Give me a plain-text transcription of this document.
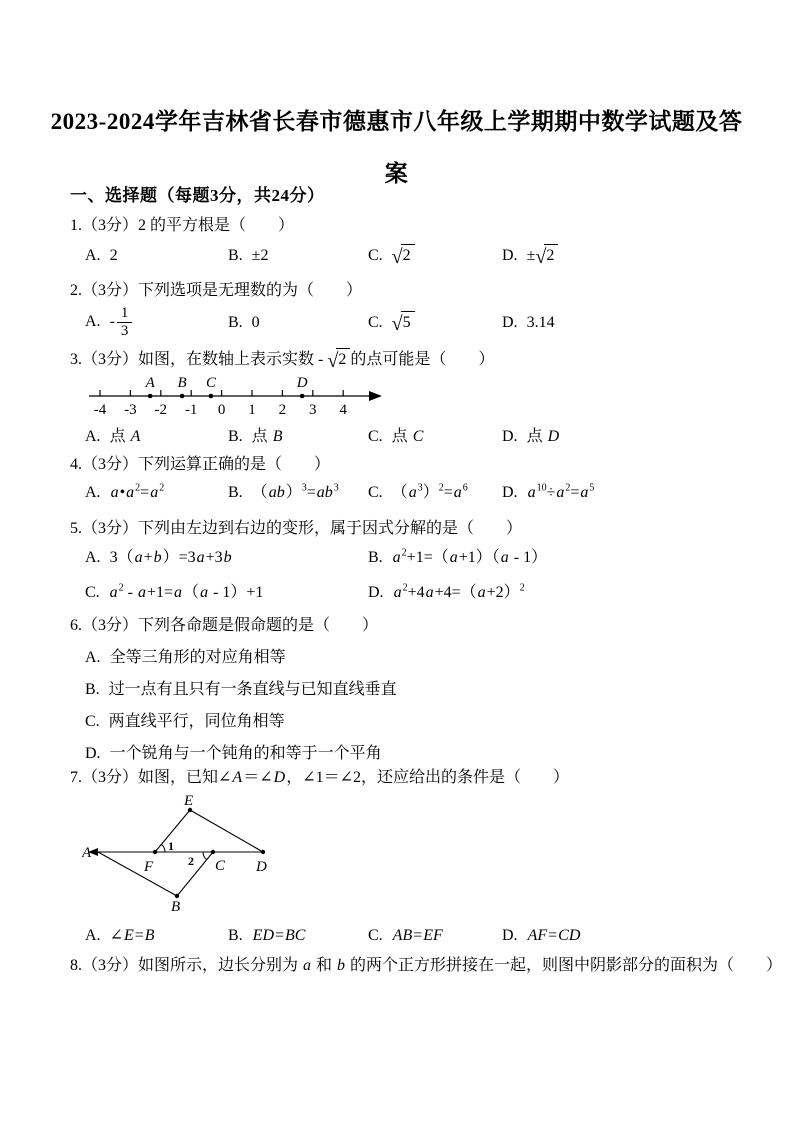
2023-2024学年吉林省长春市德惠市八年级上学期期中数学试题及答
案
一、选择题（每题3分，共24分）
1.（3分）2 的平方根是（　　）
A. 2	B. ±2	C. √2	D. ±√2
2.（3分）下列选项是无理数的为（　　）
A. - $\frac{1}{3}$	B. 0	C. √5	D. 3.14
3.（3分）如图，在数轴上表示实数 - √2 的点可能是（　　）
-4 -3 -2 -1 0 1 2 3 4
A B C	D
A. 点 A	B. 点 B	C. 点 C	D. 点 D
4.（3分）下列运算正确的是（　　）
A. $a•a^2=a^2$	B. $(ab)^3=ab^3$	C. $(a^3)^2=a^6$	D. $a^{10}\div a^2=a^5$
5.（3分）下列由左边到右边的变形，属于因式分解的是（　　）
A. 3（a+b）=3a+3b	B. $a^2+1=(a+1)(a - 1)$
C. $a^2 - a+1=a(a - 1)+1$	D. $a^2+4a+4=(a+2)^2$
6.（3分）下列各命题是假命题的是（　　）
A. 全等三角形的对应角相等
B. 过一点有且只有一条直线与已知直线垂直
C. 两直线平行，同位角相等
D. 一个锐角与一个钝角的和等于一个平角
7.（3分）如图，已知∠A＝∠D，∠1＝∠2，还应给出的条件是（　　）
A
F	C D
E
B
1
2
A. ∠E=B	B. ED=BC	C. AB=EF	D. AF=CD
8.（3分）如图所示，边长分别为 a 和 b 的两个正方形拼接在一起，则图中阴影部分的面积为（　　）
